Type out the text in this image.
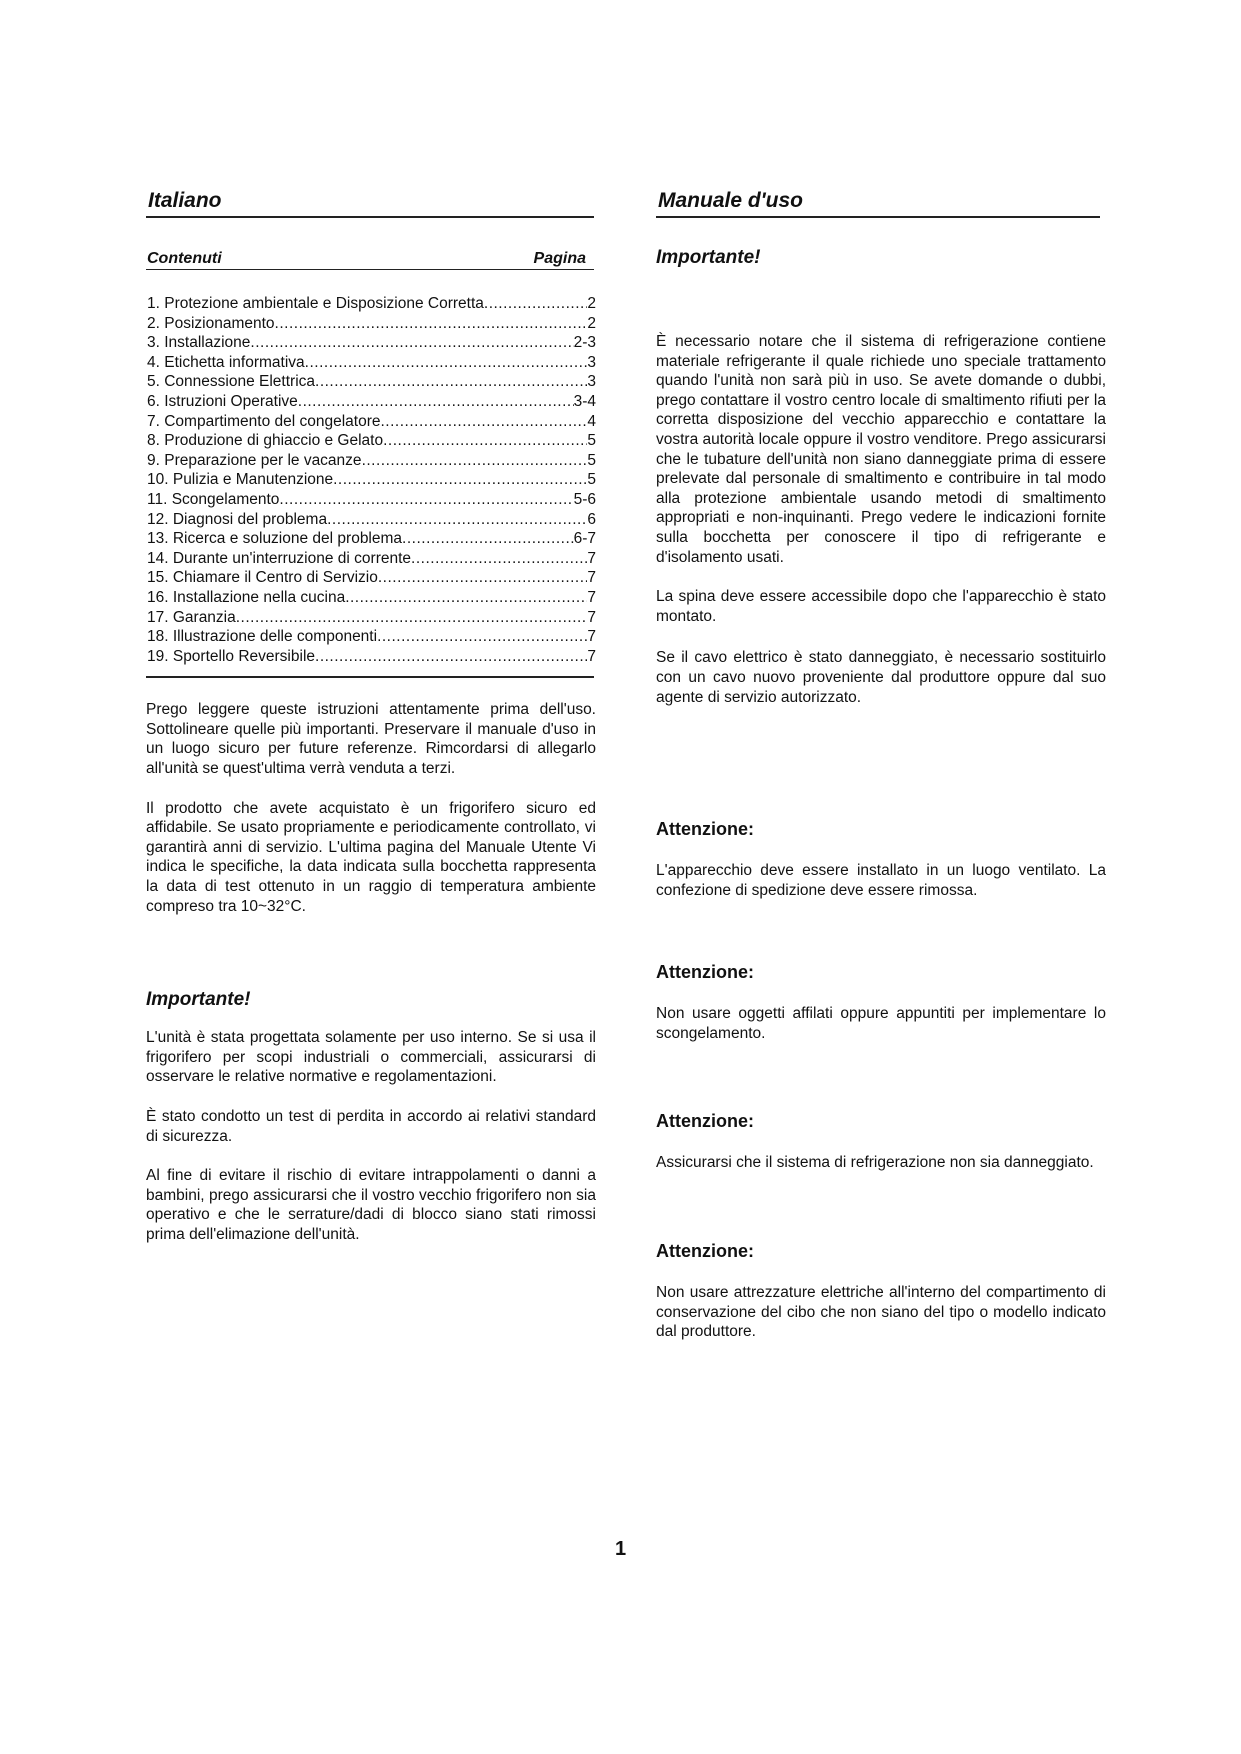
Italiano
Contenuti	Pagina
1. Protezione ambientale e Disposizione Corretta .....	2
2. Posizionamento .....	2
3. Installazione .....	2-3
4. Etichetta informativa .....	3
5. Connessione Elettrica .....	3
6. Istruzioni Operative .....	3-4
7. Compartimento del congelatore .....	4
8. Produzione di ghiaccio e Gelato .....	5
9. Preparazione per le vacanze .....	5
10. Pulizia e Manutenzione .....	5
11. Scongelamento .....	5-6
12. Diagnosi del problema .....	6
13. Ricerca e soluzione del problema .....	6-7
14. Durante un'interruzione di corrente .....	7
15. Chiamare il Centro di Servizio .....	7
16. Installazione nella cucina .....	7
17. Garanzia .....	7
18. Illustrazione delle componenti .....	7
19. Sportello Reversibile .....	7

Prego leggere queste istruzioni attentamente prima dell'uso. Sottolineare quelle più importanti. Preservare il manuale d'uso in un luogo sicuro per future referenze. Rimcordarsi di allegarlo all'unità se quest'ultima verrà venduta a terzi.

Il prodotto che avete acquistato è un frigorifero sicuro ed affidabile. Se usato propriamente e periodicamente controllato, vi garantirà anni di servizio. L'ultima pagina del Manuale Utente Vi indica le specifiche, la data indicata sulla bocchetta rappresenta la data di test ottenuto in un raggio di temperatura ambiente compreso tra 10~32°C.

Importante!

L'unità è stata progettata solamente per uso interno. Se si usa il frigorifero per scopi industriali o commerciali, assicurarsi di osservare le relative normative e regolamentazioni.

È stato condotto un test di perdita in accordo ai relativi standard di sicurezza.

Al fine di evitare il rischio di evitare intrappolamenti o danni a bambini, prego assicurarsi che il vostro vecchio frigorifero non sia operativo e che le serrature/dadi di blocco siano stati rimossi prima dell'elimazione dell'unità.

Manuale d'uso
Importante!

È necessario notare che il sistema di refrigerazione contiene materiale refrigerante il quale richiede uno speciale trattamento quando l'unità non sarà più in uso. Se avete domande o dubbi, prego contattare il vostro centro locale di smaltimento rifiuti per la corretta disposizione del vecchio apparecchio e contattare la vostra autorità locale oppure il vostro venditore. Prego assicurarsi che le tubature dell'unità non siano danneggiate prima di essere prelevate dal personale di smaltimento e contribuire in tal modo alla protezione ambientale usando metodi di smaltimento appropriati e non-inquinanti. Prego vedere le indicazioni fornite sulla bocchetta per conoscere il tipo di refrigerante e d'isolamento usati.

La spina deve essere accessibile dopo che l'apparecchio è stato montato.

Se il cavo elettrico è stato danneggiato, è necessario sostituirlo con un cavo nuovo proveniente dal produttore oppure dal suo agente di servizio autorizzato.

Attenzione:

L'apparecchio deve essere installato in un luogo ventilato. La confezione di spedizione deve essere rimossa.

Attenzione:

Non usare oggetti affilati oppure appuntiti per implementare lo scongelamento.

Attenzione:

Assicurarsi che il sistema di refrigerazione non sia danneggiato.

Attenzione:

Non usare attrezzature elettriche all'interno del compartimento di conservazione del cibo che non siano del tipo o modello indicato dal produttore.

1
